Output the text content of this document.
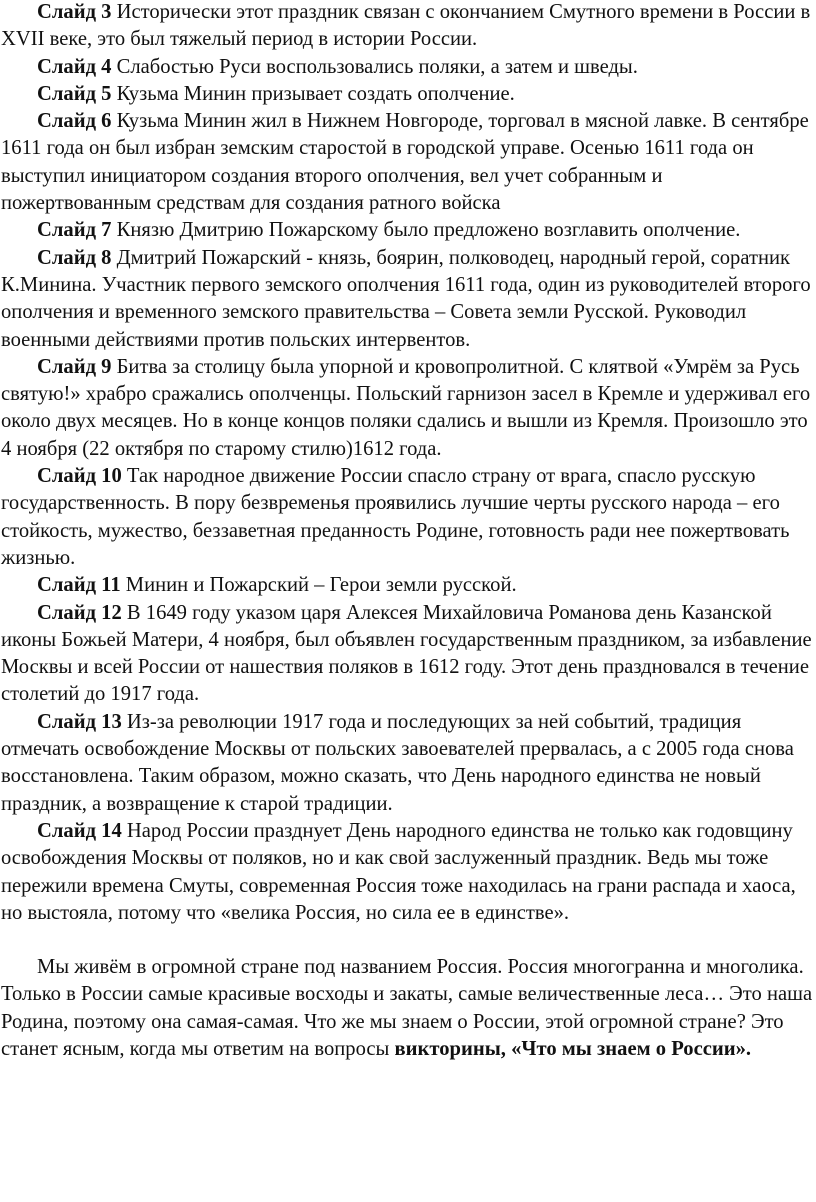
Слайд 3 Исторически этот праздник связан с окончанием Смутного времени в России в XVII веке, это был тяжелый период в истории России.

Слайд 4 Слабостью Руси воспользовались поляки, а затем и шведы.

Слайд 5 Кузьма Минин призывает создать ополчение.

Слайд 6 Кузьма Минин жил в Нижнем Новгороде, торговал в мясной лавке. В сентябре 1611 года он был избран земским старостой в городской управе. Осенью 1611 года он выступил инициатором создания второго ополчения, вел учет собранным и пожертвованным средствам для создания ратного войска

Слайд 7 Князю Дмитрию Пожарскому было предложено возглавить ополчение.

Слайд 8 Дмитрий Пожарский - князь, боярин, полководец, народный герой, соратник К.Минина. Участник первого земского ополчения 1611 года, один из руководителей второго ополчения и временного земского правительства – Совета земли Русской. Руководил военными действиями против польских интервентов.

Слайд 9 Битва за столицу была упорной и кровопролитной. С клятвой «Умрём за Русь святую!» храбро сражались ополченцы. Польский гарнизон засел в Кремле и удерживал его около двух месяцев. Но в конце концов поляки сдались и вышли из Кремля. Произошло это 4 ноября (22 октября по старому стилю)1612 года.

Слайд 10 Так народное движение России спасло страну от врага, спасло русскую государственность. В пору безвременья проявились лучшие черты русского народа – его стойкость, мужество, беззаветная преданность Родине, готовность ради нее пожертвовать жизнью.

Слайд 11 Минин и Пожарский – Герои земли русской.

Слайд 12 В 1649 году указом царя Алексея Михайловича Романова день Казанской иконы Божьей Матери, 4 ноября, был объявлен государственным праздником, за избавление Москвы и всей России от нашествия поляков в 1612 году. Этот день праздновался в течение столетий до 1917 года.

Слайд 13 Из-за революции 1917 года и последующих за ней событий, традиция отмечать освобождение Москвы от польских завоевателей прервалась, а с 2005 года снова восстановлена. Таким образом, можно сказать, что День народного единства не новый праздник, а возвращение к старой традиции.

Слайд 14 Народ России празднует День народного единства не только как годовщину освобождения Москвы от поляков, но и как свой заслуженный праздник. Ведь мы тоже пережили времена Смуты, современная Россия тоже находилась на грани распада и хаоса, но выстояла, потому что «велика Россия, но сила ее в единстве».

Мы живём в огромной стране под названием Россия. Россия многогранна и многолика. Только в России самые красивые восходы и закаты, самые величественные леса… Это наша Родина, поэтому она самая-самая. Что же мы знаем о России, этой огромной стране? Это станет ясным, когда мы ответим на вопросы викторины, «Что мы знаем о России».
